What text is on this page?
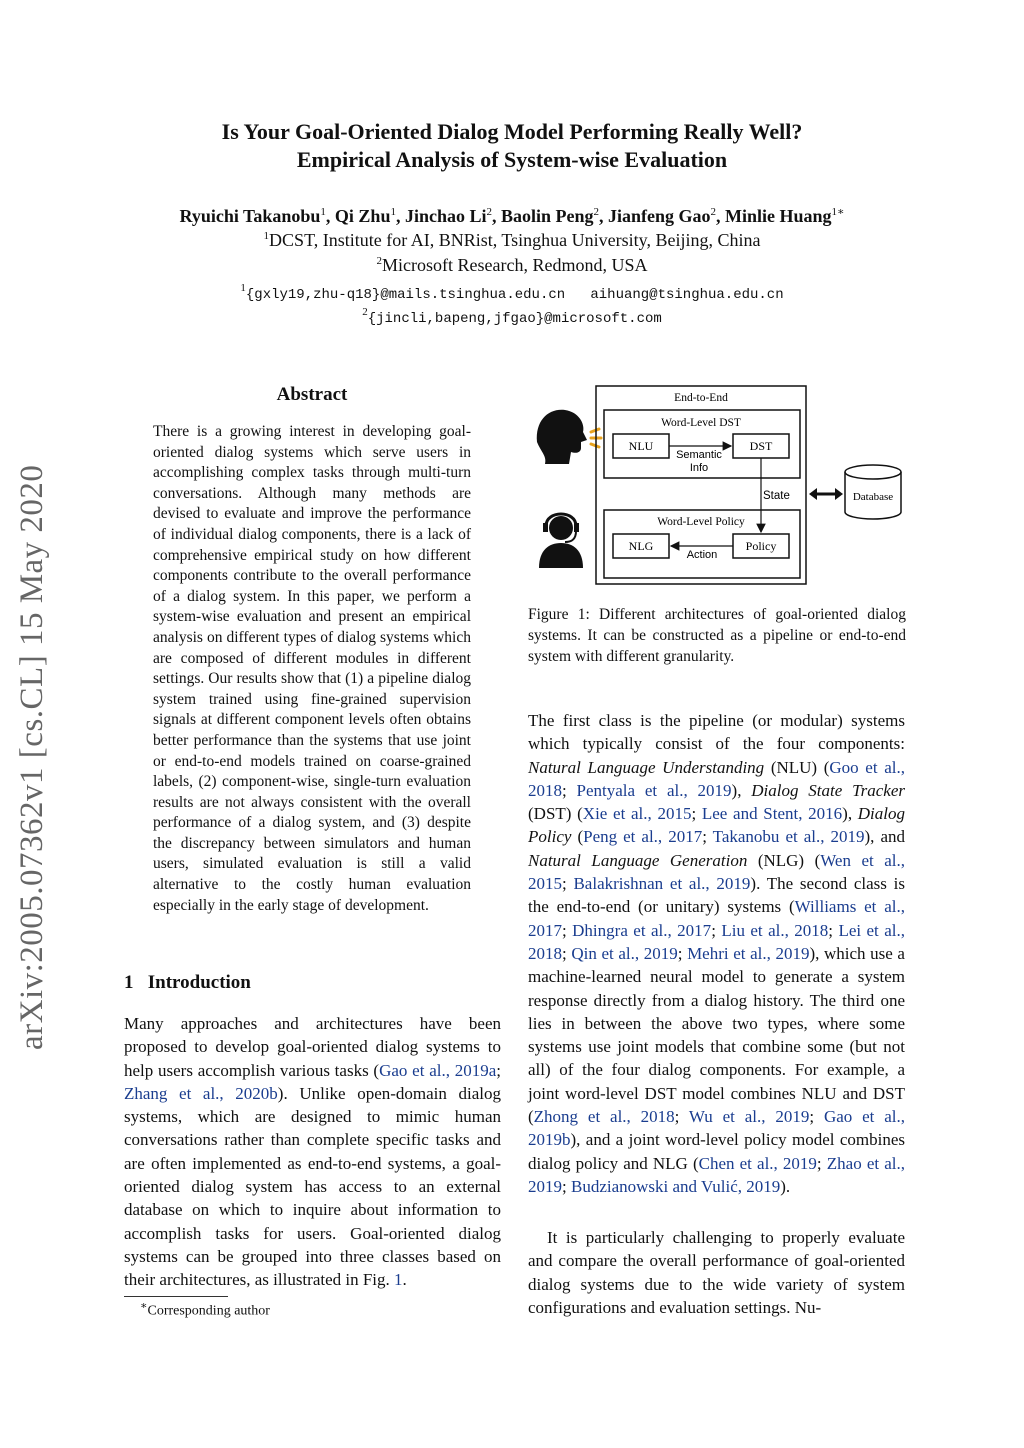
Is Your Goal-Oriented Dialog Model Performing Really Well?
Empirical Analysis of System-wise Evaluation
Ryuichi Takanobu$^1$, Qi Zhu$^1$, Jinchao Li$^2$, Baolin Peng$^2$, Jianfeng Gao$^2$, Minlie Huang$^{1∗}$
$^1$DCST, Institute for AI, BNRist, Tsinghua University, Beijing, China
$^2$Microsoft Research, Redmond, USA
$^1${gxly19,zhu-q18}@mails.tsinghua.edu.cn aihuang@tsinghua.edu.cn
$^2${jincli,bapeng,jfgao}@microsoft.com
arXiv:2005.07362v1 [cs.CL] 15 May 2020
Abstract
There is a growing interest in developing goal-oriented dialog systems which serve users in accomplishing complex tasks through multi-turn conversations. Although many methods are devised to evaluate and improve the performance of individual dialog components, there is a lack of comprehensive empirical study on how different components contribute to the overall performance of a dialog system. In this paper, we perform a system-wise evaluation and present an empirical analysis on different types of dialog systems which are composed of different modules in different settings. Our results show that (1) a pipeline dialog system trained using fine-grained supervision signals at different component levels often obtains better performance than the systems that use joint or end-to-end models trained on coarse-grained labels, (2) component-wise, single-turn evaluation results are not always consistent with the overall performance of a dialog system, and (3) despite the discrepancy between simulators and human users, simulated evaluation is still a valid alternative to the costly human evaluation especially in the early stage of development.
1 Introduction
Many approaches and architectures have been proposed to develop goal-oriented dialog systems to help users accomplish various tasks (Gao et al., 2019a; Zhang et al., 2020b). Unlike open-domain dialog systems, which are designed to mimic human conversations rather than complete specific tasks and are often implemented as end-to-end systems, a goal-oriented dialog system has access to an external database on which to inquire about information to accomplish tasks for users. Goal-oriented dialog systems can be grouped into three classes based on their architectures, as illustrated in Fig. 1.
∗Corresponding author
End-to-End
Word-Level DST
NLU	DST
Semantic
Info
State
Word-Level Policy
NLG	Policy
Action
Database
Figure 1: Different architectures of goal-oriented dialog systems. It can be constructed as a pipeline or end-to-end system with different granularity.
The first class is the pipeline (or modular) systems which typically consist of the four components: Natural Language Understanding (NLU) (Goo et al., 2018; Pentyala et al., 2019), Dialog State Tracker (DST) (Xie et al., 2015; Lee and Stent, 2016), Dialog Policy (Peng et al., 2017; Takanobu et al., 2019), and Natural Language Generation (NLG) (Wen et al., 2015; Balakrishnan et al., 2019). The second class is the end-to-end (or unitary) systems (Williams et al., 2017; Dhingra et al., 2017; Liu et al., 2018; Lei et al., 2018; Qin et al., 2019; Mehri et al., 2019), which use a machine-learned neural model to generate a system response directly from a dialog history. The third one lies in between the above two types, where some systems use joint models that combine some (but not all) of the four dialog components. For example, a joint word-level DST model combines NLU and DST (Zhong et al., 2018; Wu et al., 2019; Gao et al., 2019b), and a joint word-level policy model combines dialog policy and NLG (Chen et al., 2019; Zhao et al., 2019; Budzianowski and Vulić, 2019).
It is particularly challenging to properly evaluate and compare the overall performance of goal-oriented dialog systems due to the wide variety of system configurations and evaluation settings. Nu-
